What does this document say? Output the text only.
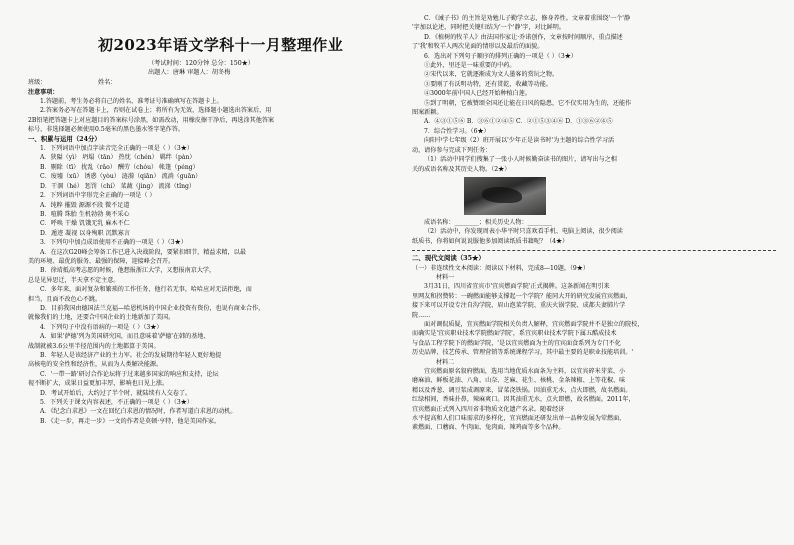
初2023年语文学科十一月整理作业
（考试时间：120分钟 总分：150★）
出题人：唐琳 审题人：胡冬梅
班级：	姓名：
注意事项：
1.答题前，考生务必将自己的姓名、准考证号准确填写在答题卡上。
2.答案务必写在答题卡上，否则在试卷上；将所有为无效，选择题小题选出答案后，用
2B铅笔把答题卡上对应题目的答案标号涂黑，如需改动，用橡皮擦干净后，再选涂其他答案
标号，非选择题必须使用0.5毫米的黑色墨水签字笔作答。
一、积累与运用（24分）
1．下列词语中加点字读音完全正确的一项是（ ）（3★）
A．狭隘（yì） 坍塌（tān） 热忱（chén） 羁绊（pàn）
B．剔除（tī） 扰乱（rǎo） 酬劳（chóu） 帐篷（péng）
C．废墟（xū） 诱惑（yòu） 涟漪（qiān） 流淌（guān）
D．干涸（hé） 惩罚（chí） 菜蔬（jìng） 流涕（tǐng）
2．下列词语中字形完全正确的一项是（ ）
A．纯粹 摧毁 源源不段 微不足道
B．喧腾 珠胎 生机勃勃 奥不采心
C．呼唤 干燥 饥饿无乳 麻木不仁
D．遁迹 凝视 以身殉职 沉默寡言
3．下列句中加点成语使用不正确的一项是（ ）（3★）
A．在这次G20峰会筹备工作已进入决战阶段，要紧扣细节，精益求精，以最
美的环境、最优的服务、最强的保障，迎接峰会召开。
B．徐靖抵高考志愿的时候，他想报浙江大学，又想报南京大学，
总是见异思迁，半天拿不定主意。
C．多年来，面对复杂和繁琐的工作任务，他行若无事，哈哈应对无法拒绝，而
担当，且面不改色心不跳。
D．目前我国由德国法兰克福—哈恩机场的中国企业投资有资份，也说有商业合作，
就像我们的土地，还要合中国企业的土地新加了美国。
4．下列句子中没有语病的一项是（ ）（3★）
A．如果'萨德'列为美国研究国，而且意味着'萨德'在韩的基地、
战制就被3.6公里半径范围内的土地都算于美国。
B．年轻人是该经济产业的主力军。社会的发展期待年轻人更好地提
高核电的安全性和经济性，从而为人类解决能源。
C．'一带一路'研讨合作论坛将于过来越多国家的响应和支持，论坛
视不断扩大，成果日益更加丰厚，影响也日见上涨。
D．考试开始后，大约过了半个时，就陆续有人交卷了。
5．下列关于课文内容表述，不正确的一项是（ ）（3★）
A．《纪念白求恩》一文在回忆白求恩的情况时，作者写道白求恩的动机。
B．《走一步，再走一步》一文的作者是莫顿·亨特，他是美国作家。
C．《诫子书》的主旨是劝勉儿子勤学立志，修身养性。文章着重围绕'一个'静
'字加以论述，同时把关键归结为'一个'静'字，对比鲜明。
D．《植树的牧羊人》由法国作家让·乔诺创作，文章按时间顺序，重点描述
了'我'和牧羊人两次见面的情形以及最后的面貌。
6．选出对下列句子顺序的排列正确的一项是（ ）（3★）
①此外，里还是一味重要的中药。
②宋代以来，它就逐渐成为文人墨客的赏玩之物。
③要刚了有沃明功特，还有贯乾，收藏等功能。
④3000年前中国人已经开始种植白莲。
⑤到了明朝，它被赞颂全国还让能在日风的隐患，它不仅实用为生的，还能作
图案新颖。
A．④③①⑤⑥ B．③⑥①②④⑤ C．②①⑤③④⑥ D．①③⑥②④⑤
7．综合性学习。（6★）
向阳中学七年级（2）班开展以'少年正是读书时'为主题的综合性学习活
动，请你参与完成下列任务：
（1）活动中同学们搜集了一张小人时候勤奋读书的图片，请写出与之相
关的成语名称及其历史人物。（2★）
成语名称：________；相关历史人物：________
（2）活动中，你发现周表小华平时只喜欢看手机、电脑上阅读，很少阅读
纸质书，你将如何说说服他多加阅读纸质书籍呢？（4★）
二、现代文阅读（35★）
（一）非连续性文本阅读：阅读以下材料，完成8—10题。（9★）
材料一
3月31日，四川省宜宾市'宜宾燃面学院'正式揭牌。这条新闻在明引来
里网友和拐赞转：一碗燃面能够支撑起一个学院？能同大开的研究发展宜宾燃面，
接下来可以开设专注自沟学院、眉山泡菜学院、重庆火锅学院、成都夫妻肺片学
院……
面对调侃质疑，宜宾燃面学院相关负责人解释，宜宾燃面学院并不是独立的院校，
而确实是'宜宾职业技术学院燃面学院'，系宜宾职业技术学院下属五酷成技术
与食品工程学院下的燃面学院，'是以宜宾燃面为主的宜宾面食系列为专门不化
历史品牌、技艺传承、管理营销等系统课程学习，其中最主要的是职业技能培训。'
材料二
宜宾燃面原名叙府燃面，选用当地优质水面条为主料，以宜宾碎米芽菜、小
磨麻油、鲜板花油、八角、山奈、芝麻、花生、核桃、金条辣椒、上等花椒、味
精以及香葱、调豆浆成调原来，冒菜浇铁锅。因油重无水，点火即燃，故名燃面。
红绿相间，香味扑鼻，辣麻爽口。因其油重无水，点火即燃，故名燃面。2011年，
宜宾燃面正式列入四川省非物质文化遗产名录。随着经济
水平提高和人们口味需求的多样化，宜宾燃面还研发出单一品种发展为荤燃面、
素燃面、口蘑面、牛肉面、兔肉面、辣鸡面等多个品种。
